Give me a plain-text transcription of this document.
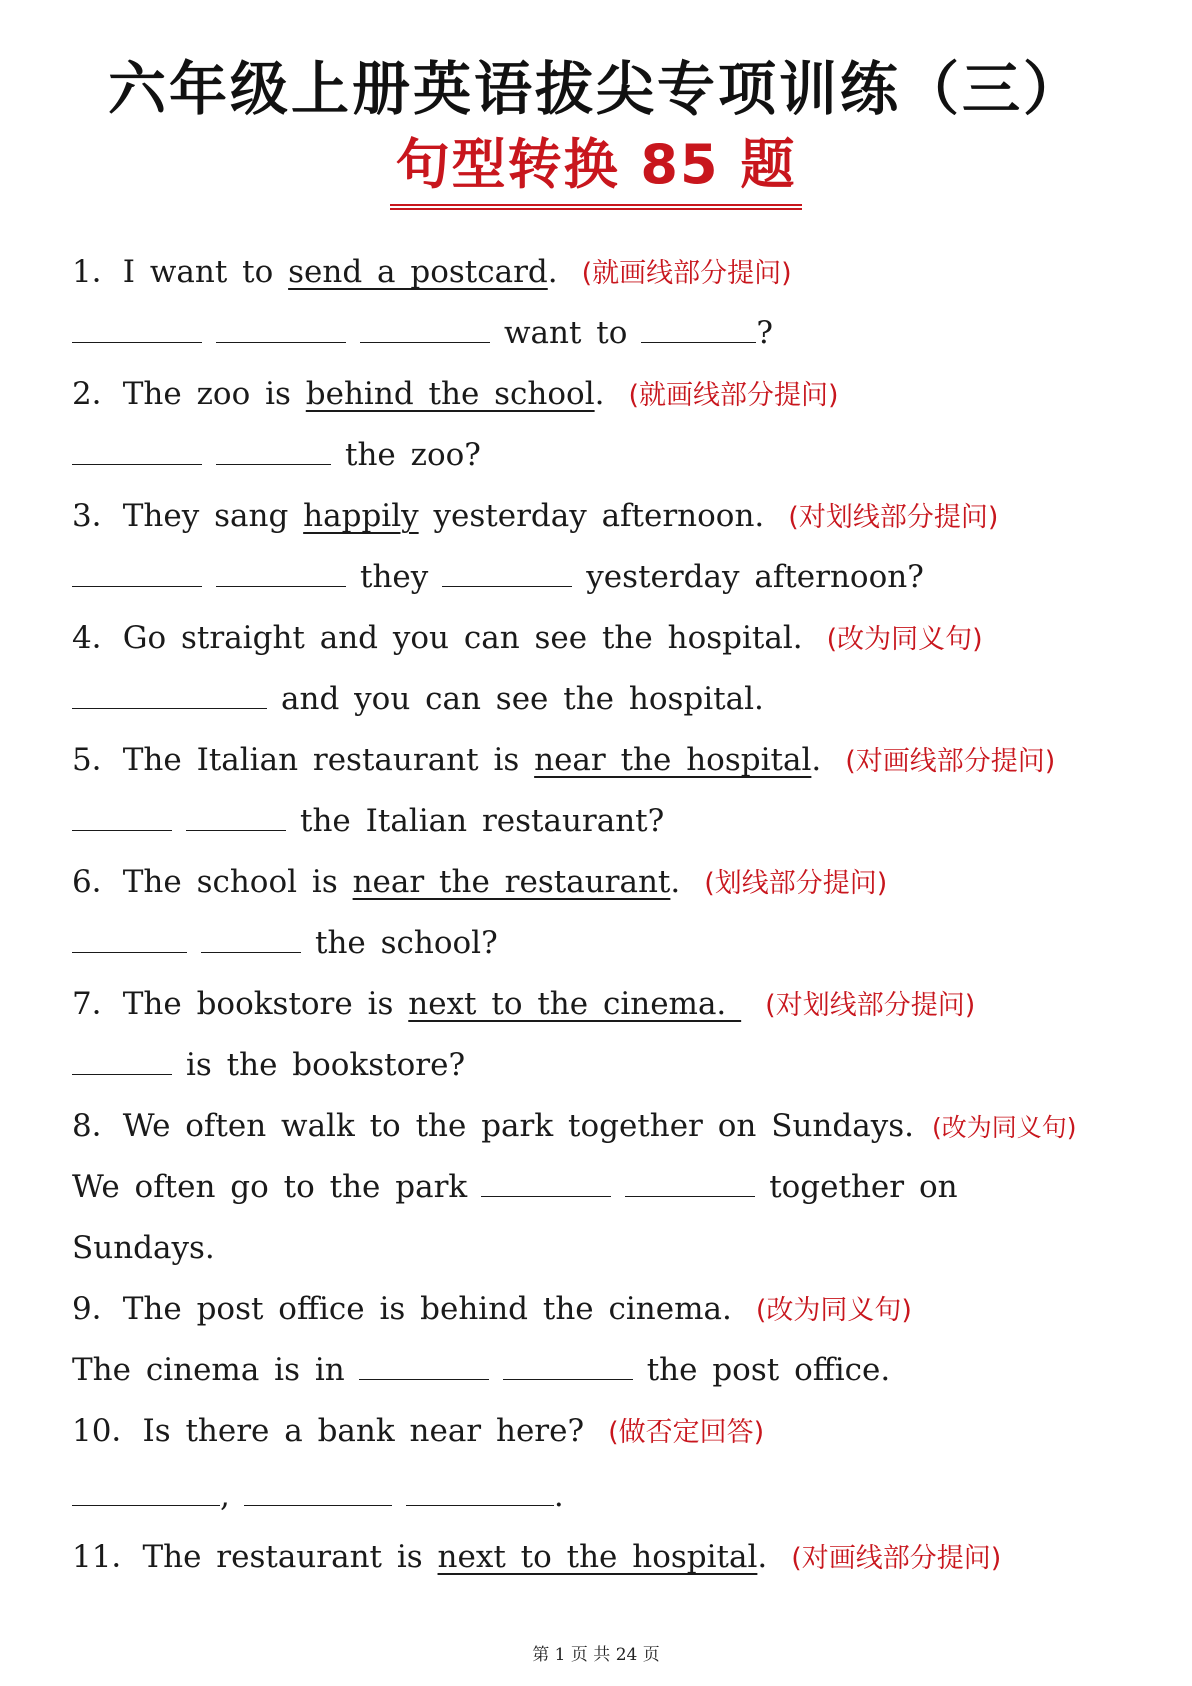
六年级上册英语拔尖专项训练（三）
句型转换 85 题
1．I want to send a postcard. (就画线部分提问)
want to	?
2．The zoo is behind the school. (就画线部分提问)
the zoo?
3．They sang happily yesterday afternoon. (对划线部分提问)
they	yesterday afternoon?
4．Go straight and you can see the hospital. (改为同义句)
and you can see the hospital.
5．The Italian restaurant is near the hospital. (对画线部分提问)
the Italian restaurant?
6．The school is near the restaurant. (划线部分提问)
the school?
7．The bookstore is next to the cinema. (对划线部分提问)
is the bookstore?
8．We often walk to the park together on Sundays. (改为同义句)
We often go to the park	together on
Sundays.
9．The post office is behind the cinema. (改为同义句)
The cinema is in	the post office.
10．Is there a bank near here? (做否定回答)
,	.
11．The restaurant is next to the hospital. (对画线部分提问)
第 1 页 共 24 页
